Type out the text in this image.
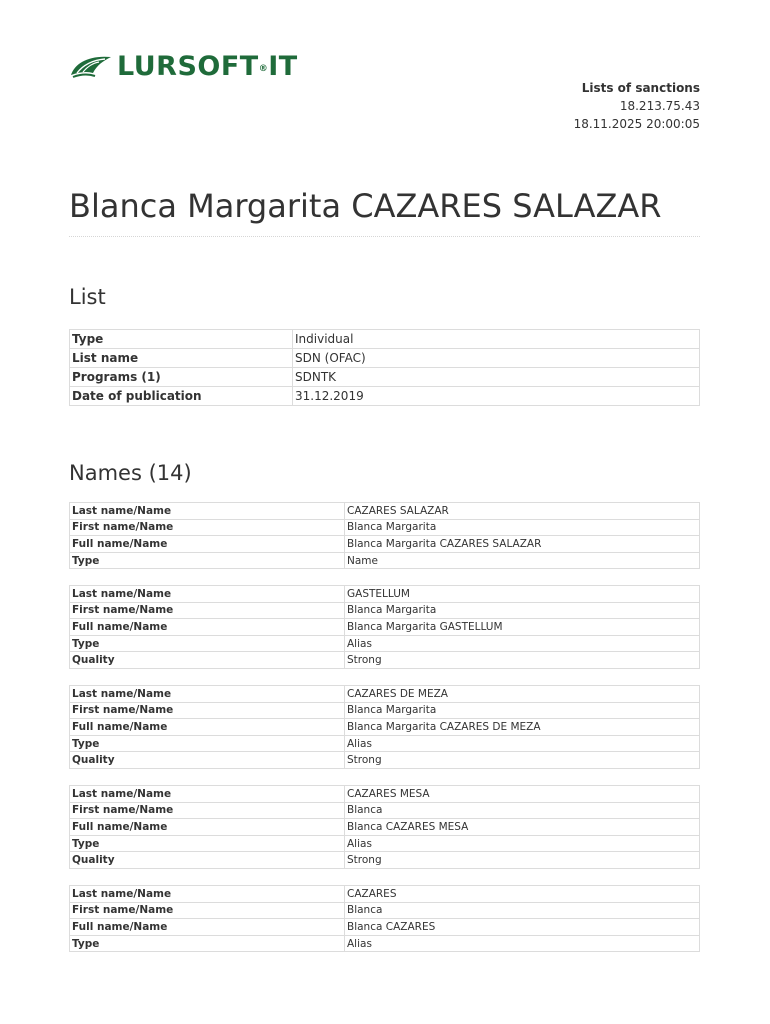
LURSOFT®IT
Lists of sanctions
18.213.75.43
18.11.2025 20:00:05
Blanca Margarita CAZARES SALAZAR
List
Type	Individual
List name	SDN (OFAC)
Programs (1)	SDNTK
Date of publication	31.12.2019
Names (14)
Last name/Name	CAZARES SALAZAR
First name/Name	Blanca Margarita
Full name/Name	Blanca Margarita CAZARES SALAZAR
Type	Name
Last name/Name	GASTELLUM
First name/Name	Blanca Margarita
Full name/Name	Blanca Margarita GASTELLUM
Type	Alias
Quality	Strong
Last name/Name	CAZARES DE MEZA
First name/Name	Blanca Margarita
Full name/Name	Blanca Margarita CAZARES DE MEZA
Type	Alias
Quality	Strong
Last name/Name	CAZARES MESA
First name/Name	Blanca
Full name/Name	Blanca CAZARES MESA
Type	Alias
Quality	Strong
Last name/Name	CAZARES
First name/Name	Blanca
Full name/Name	Blanca CAZARES
Type	Alias
